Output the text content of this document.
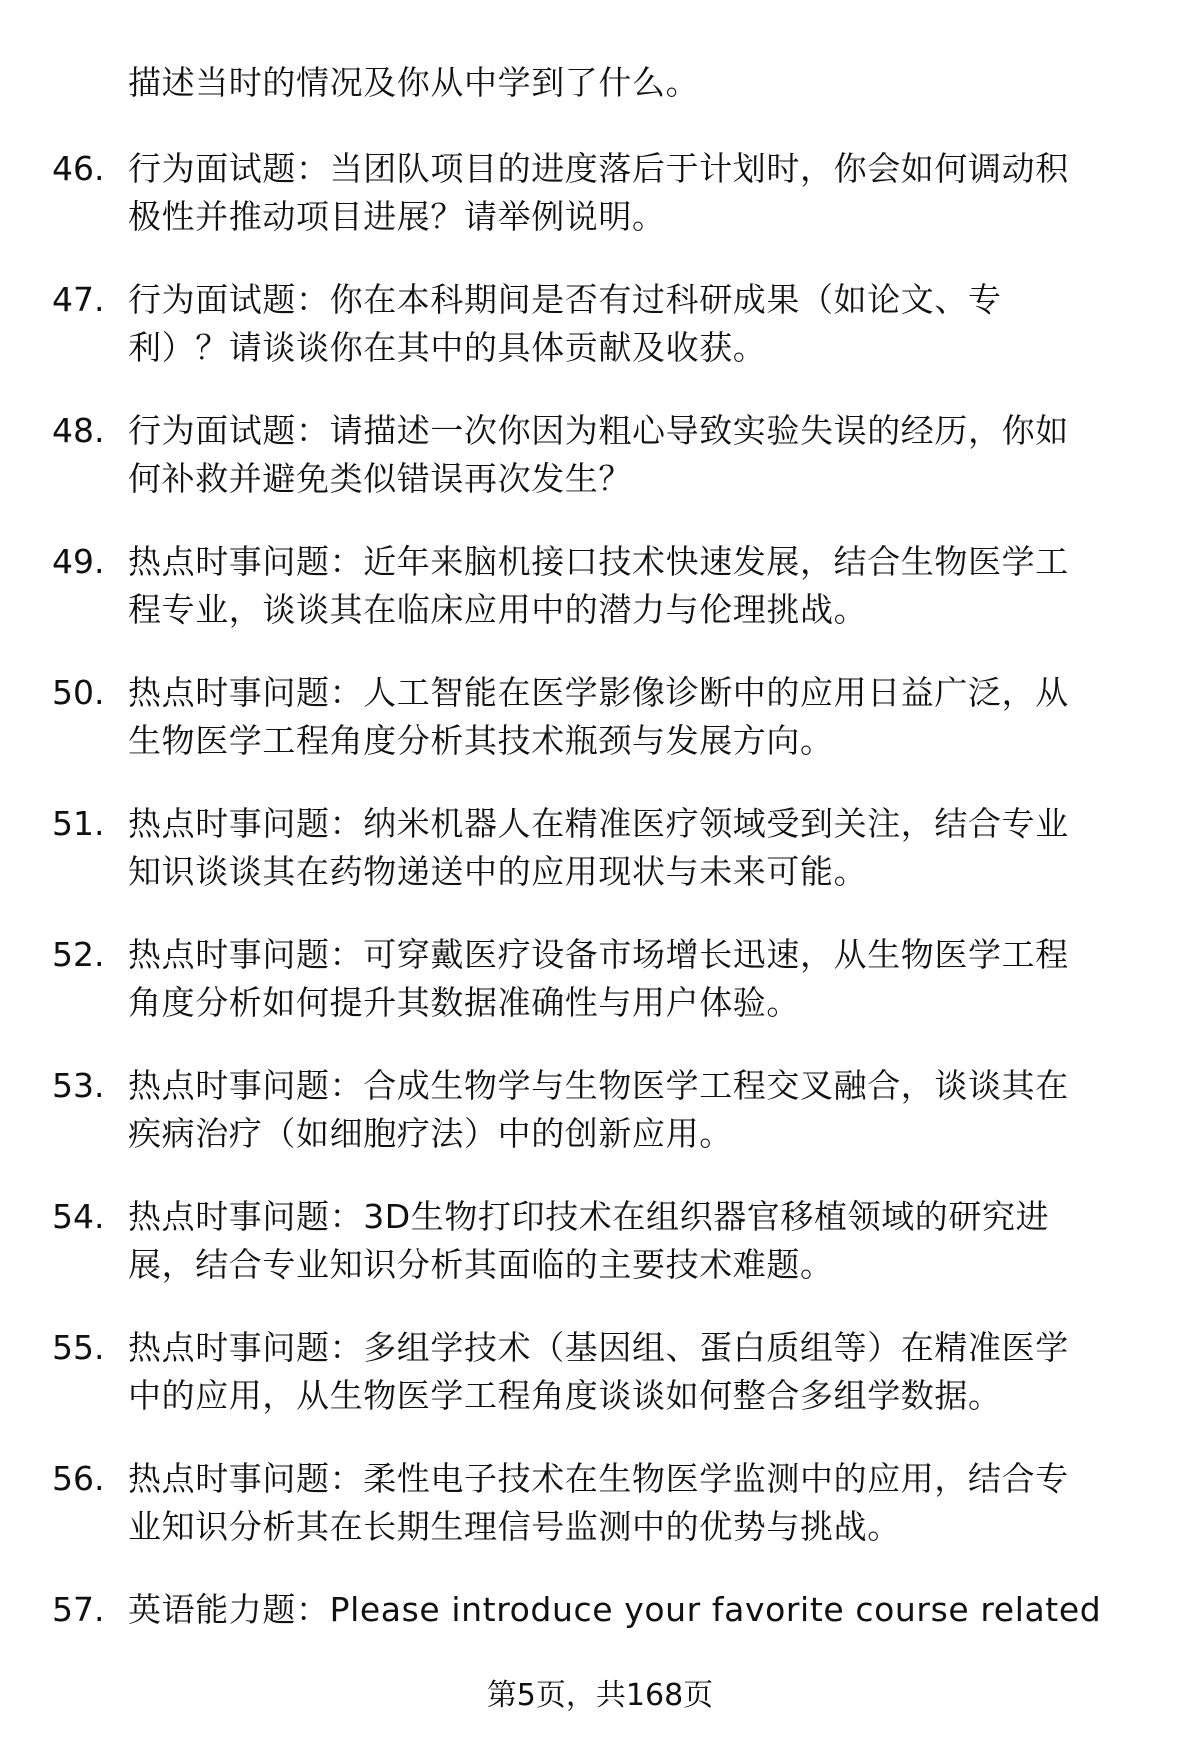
描述当时的情况及你从中学到了什么。
46. 行为面试题：当团队项目的进度落后于计划时，你会如何调动积
极性并推动项目进展？请举例说明。
47. 行为面试题：你在本科期间是否有过科研成果（如论文、专
利）？请谈谈你在其中的具体贡献及收获。
48. 行为面试题：请描述一次你因为粗心导致实验失误的经历，你如
何补救并避免类似错误再次发生？
49. 热点时事问题：近年来脑机接口技术快速发展，结合生物医学工
程专业，谈谈其在临床应用中的潜力与伦理挑战。
50. 热点时事问题：人工智能在医学影像诊断中的应用日益广泛，从
生物医学工程角度分析其技术瓶颈与发展方向。
51. 热点时事问题：纳米机器人在精准医疗领域受到关注，结合专业
知识谈谈其在药物递送中的应用现状与未来可能。
52. 热点时事问题：可穿戴医疗设备市场增长迅速，从生物医学工程
角度分析如何提升其数据准确性与用户体验。
53. 热点时事问题：合成生物学与生物医学工程交叉融合，谈谈其在
疾病治疗（如细胞疗法）中的创新应用。
54. 热点时事问题：3D生物打印技术在组织器官移植领域的研究进
展，结合专业知识分析其面临的主要技术难题。
55. 热点时事问题：多组学技术（基因组、蛋白质组等）在精准医学
中的应用，从生物医学工程角度谈谈如何整合多组学数据。
56. 热点时事问题：柔性电子技术在生物医学监测中的应用，结合专
业知识分析其在长期生理信号监测中的优势与挑战。
57. 英语能力题：Please introduce your favorite course related
第5页，共168页
